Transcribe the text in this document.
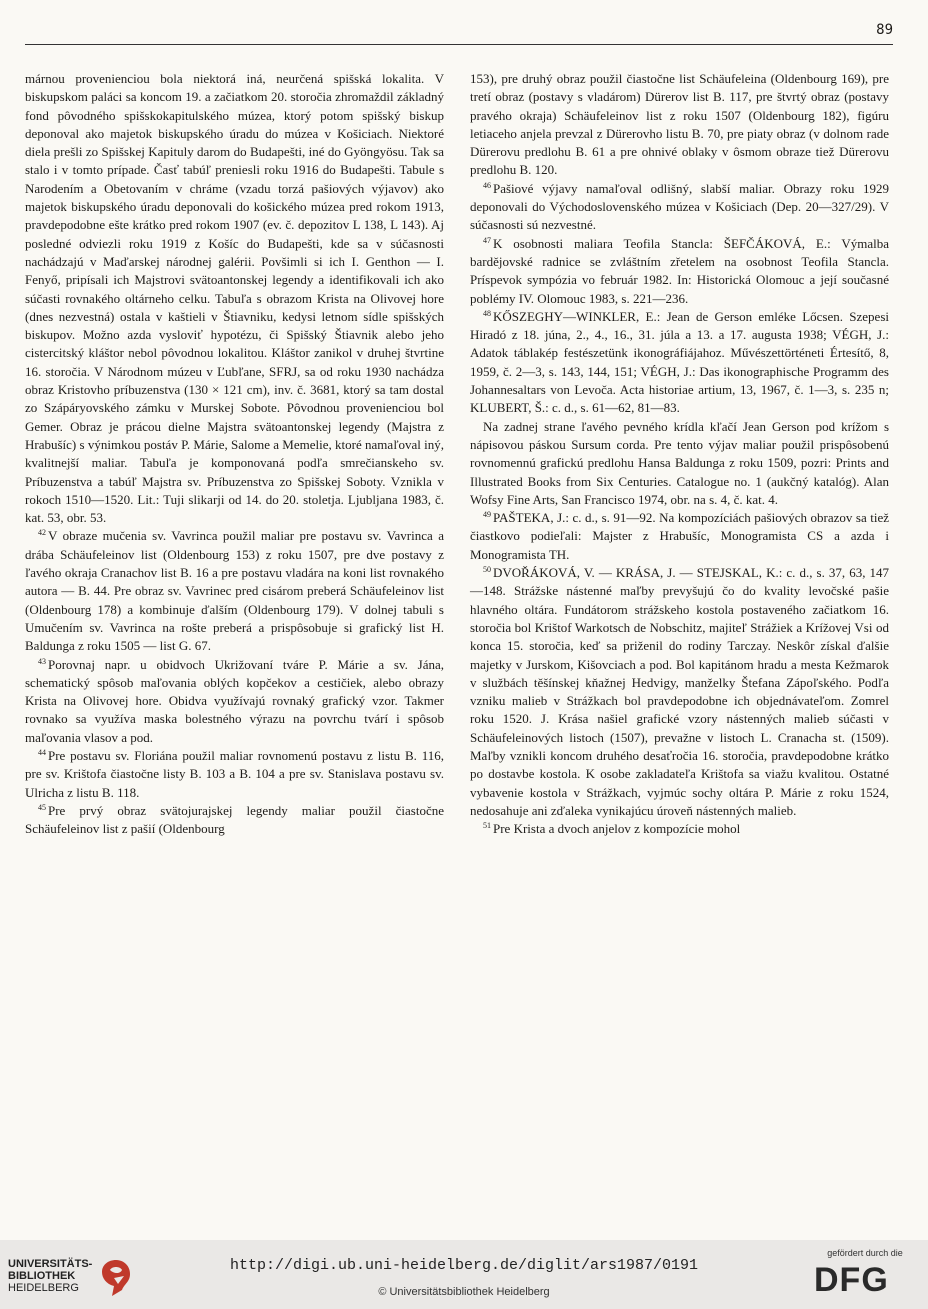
89

márnou provenienciou bola niektorá iná, neurčená spišská lokalita. V biskupskom paláci sa koncom 19. a začiatkom 20. storočia zhromaždil základný fond pôvodného spišskokapitulského múzea, ktorý potom spišský biskup deponoval ako majetok biskupského úradu do múzea v Košiciach. Niektoré diela prešli zo Spišskej Kapituly darom do Budapešti, iné do Gyöngyösu. Tak sa stalo i v tomto prípade. Časť tabúľ preniesli roku 1916 do Budapešti. Tabule s Narodením a Obetovaním v chráme (vzadu torzá pašiových výjavov) ako majetok biskupského úradu deponovali do košického múzea pred rokom 1913, pravdepodobne ešte krátko pred rokom 1907 (ev. č. depozitov L 138, L 143). Aj posledné odviezli roku 1919 z Košíc do Budapešti, kde sa v súčasnosti nachádzajú v Maďarskej národnej galérii. Povšimli si ich I. Genthon — I. Fenyő, pripísali ich Majstrovi svätoantonskej legendy a identifikovali ich ako súčasti rovnakého oltárneho celku. Tabuľa s obrazom Krista na Olivovej hore (dnes nezvestná) ostala v kaštieli v Štiavniku, kedysi letnom sídle spišských biskupov. Možno azda vysloviť hypotézu, či Spišský Štiavnik alebo jeho cistercitský kláštor nebol pôvodnou lokalitou. Kláštor zanikol v druhej štvrtine 16. storočia. V Národnom múzeu v Ľubľane, SFRJ, sa od roku 1930 nachádza obraz Kristovho príbuzenstva (130 × 121 cm), inv. č. 3681, ktorý sa tam dostal zo Szápáryovského zámku v Murskej Sobote. Pôvodnou provenienciou bol Gemer. Obraz je prácou dielne Majstra svätoantonskej legendy (Majstra z Hrabušíc) s výnimkou postáv P. Márie, Salome a Memelie, ktoré namaľoval iný, kvalitnejší maliar. Tabuľa je komponovaná podľa smrečianskeho sv. Príbuzenstva a tabúľ Majstra sv. Príbuzenstva zo Spišskej Soboty. Vznikla v rokoch 1510—1520. Lit.: Tuji slikarji od 14. do 20. stoletja. Ljubljana 1983, č. kat. 53, obr. 53.

$^{42}$ V obraze mučenia sv. Vavrinca použil maliar pre postavu sv. Vavrinca a drába Schäufeleinov list (Oldenbourg 153) z roku 1507, pre dve postavy z ľavého okraja Cranachov list B. 16 a pre postavu vladára na koni list rovnakého autora — B. 44. Pre obraz sv. Vavrinec pred cisárom preberá Schäufeleinov list (Oldenbourg 178) a kombinuje ďalším (Oldenbourg 179). V dolnej tabuli s Umučením sv. Vavrinca na rošte preberá a prispôsobuje si grafický list H. Baldunga z roku 1505 — list G. 67.

$^{43}$ Porovnaj napr. u obidvoch Ukrižovaní tváre P. Márie a sv. Jána, schematický spôsob maľovania oblých kopčekov a cestičiek, alebo obrazy Krista na Olivovej hore. Obidva využívajú rovnaký grafický vzor. Takmer rovnako sa využíva maska bolestného výrazu na povrchu tvárí i spôsob maľovania vlasov a pod.

$^{44}$ Pre postavu sv. Floriána použil maliar rovnomenú postavu z listu B. 116, pre sv. Krištofa čiastočne listy B. 103 a B. 104 a pre sv. Stanislava postavu sv. Ulricha z listu B. 118.

$^{45}$ Pre prvý obraz svätojurajskej legendy maliar použil čiastočne Schäufeleinov list z pašií (Oldenbourg

153), pre druhý obraz použil čiastočne list Schäufeleina (Oldenbourg 169), pre tretí obraz (postavy s vladárom) Dürerov list B. 117, pre štvrtý obraz (postavy pravého okraja) Schäufeleinov list z roku 1507 (Oldenbourg 182), figúru letiaceho anjela prevzal z Dürerovho listu B. 70, pre piaty obraz (v dolnom rade Dürerovu predlohu B. 61 a pre ohnivé oblaky v ôsmom obraze tiež Dürerovu predlohu B. 120.

$^{46}$ Pašiové výjavy namaľoval odlišný, slabší maliar. Obrazy roku 1929 deponovali do Východoslovenského múzea v Košiciach (Dep. 20—327/29). V súčasnosti sú nezvestné.

$^{47}$ K osobnosti maliara Teofila Stancla: ŠEFČÁKOVÁ, E.: Výmalba bardějovské radnice se zvláštním zřetelem na osobnost Teofila Stancla. Príspevok sympózia vo február 1982. In: Historická Olomouc a její současné poblémy IV. Olomouc 1983, s. 221—236.

$^{48}$ KŐSZEGHY—WINKLER, E.: Jean de Gerson emléke Lőcsen. Szepesi Hiradó z 18. júna, 2., 4., 16., 31. júla a 13. a 17. augusta 1938; VÉGH, J.: Adatok táblakép festészetünk ikonográfiájahoz. Művészettörténeti Értesítő, 8, 1959, č. 2—3, s. 143, 144, 151; VÉGH, J.: Das ikonographische Programm des Johannesaltars von Levoča. Acta historiae artium, 13, 1967, č. 1—3, s. 235 n; KLUBERT, Š.: c. d., s. 61—62, 81—83.

Na zadnej strane ľavého pevného krídla kľačí Jean Gerson pod krížom s nápisovou páskou Sursum corda. Pre tento výjav maliar použil prispôsobenú rovnomennú grafickú predlohu Hansa Baldunga z roku 1509, pozri: Prints and Illustrated Books from Six Centuries. Catalogue no. 1 (aukčný katalóg). Alan Wofsy Fine Arts, San Francisco 1974, obr. na s. 4, č. kat. 4.

$^{49}$ PAŠTEKA, J.: c. d., s. 91—92. Na kompozíciách pašiových obrazov sa tiež čiastkovo podieľali: Majster z Hrabušíc, Monogramista CS a azda i Monogramista TH.

$^{50}$ DVOŘÁKOVÁ, V. — KRÁSA, J. — STEJSKAL, K.: c. d., s. 37, 63, 147—148. Strážske nástenné maľby prevyšujú čo do kvality levočské pašie hlavného oltára. Fundátorom strážskeho kostola postaveného začiatkom 16. storočia bol Krištof Warkotsch de Nobschitz, majiteľ Strážiek a Krížovej Vsi od konca 15. storočia, keď sa priženil do rodiny Tarczay. Neskôr získal ďalšie majetky v Jurskom, Kišovciach a pod. Bol kapitánom hradu a mesta Kežmarok v službách těšínskej kňažnej Hedvigy, manželky Štefana Zápoľského. Podľa vzniku malieb v Strážkach bol pravdepodobne ich objednávateľom. Zomrel roku 1520. J. Krása našiel grafické vzory nástenných malieb súčasti v Schäufeleinových listoch (1507), prevažne v listoch L. Cranacha st. (1509). Maľby vznikli koncom druhého desaťročia 16. storočia, pravdepodobne krátko po dostavbe kostola. K osobe zakladateľa Krištofa sa viažu kvalitou. Ostatné vybavenie kostola v Strážkach, vyjmúc sochy oltára P. Márie z roku 1524, nedosahuje ani zďaleka vynikajúcu úroveň nástenných malieb.

$^{51}$ Pre Krista a dvoch anjelov z kompozície mohol

UNIVERSITÄTS-
BIBLIOTHEK
HEIDELBERG
http://digi.ub.uni-heidelberg.de/diglit/ars1987/0191
© Universitätsbibliothek Heidelberg
gefördert durch die
DFG
